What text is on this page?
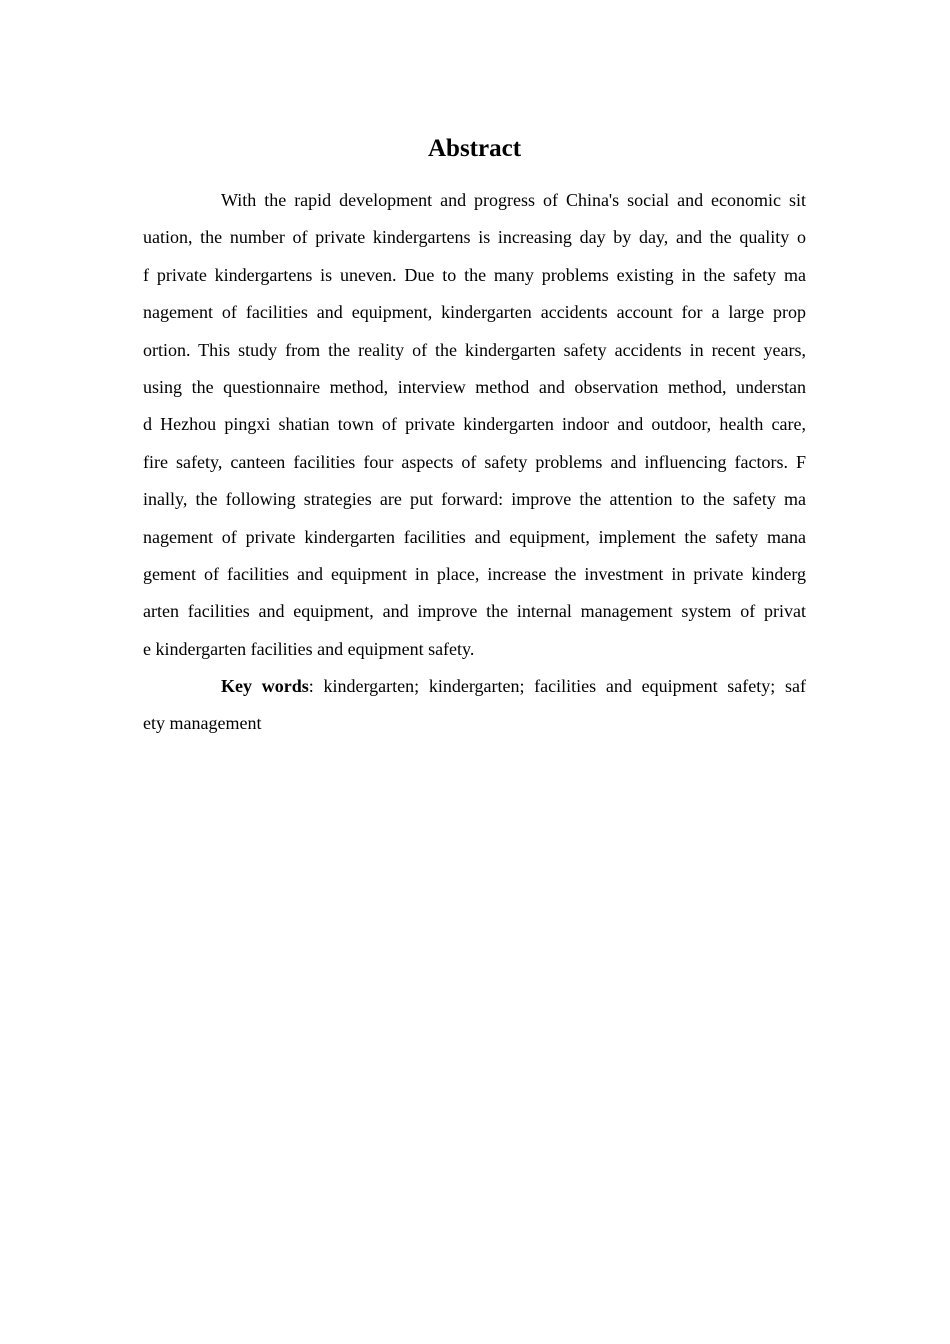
Abstract
With the rapid development and progress of China's social and economic sit
uation, the number of private kindergartens is increasing day by day, and the quality o
f private kindergartens is uneven. Due to the many problems existing in the safety ma
nagement of facilities and equipment, kindergarten accidents account for a large prop
ortion. This study from the reality of the kindergarten safety accidents in recent years,
using the questionnaire method, interview method and observation method, understan
d Hezhou pingxi shatian town of private kindergarten indoor and outdoor, health care,
fire safety, canteen facilities four aspects of safety problems and influencing factors. F
inally, the following strategies are put forward: improve the attention to the safety ma
nagement of private kindergarten facilities and equipment, implement the safety mana
gement of facilities and equipment in place, increase the investment in private kinderg
arten facilities and equipment, and improve the internal management system of privat
e kindergarten facilities and equipment safety.
Key words: kindergarten; kindergarten; facilities and equipment safety; saf
ety management
